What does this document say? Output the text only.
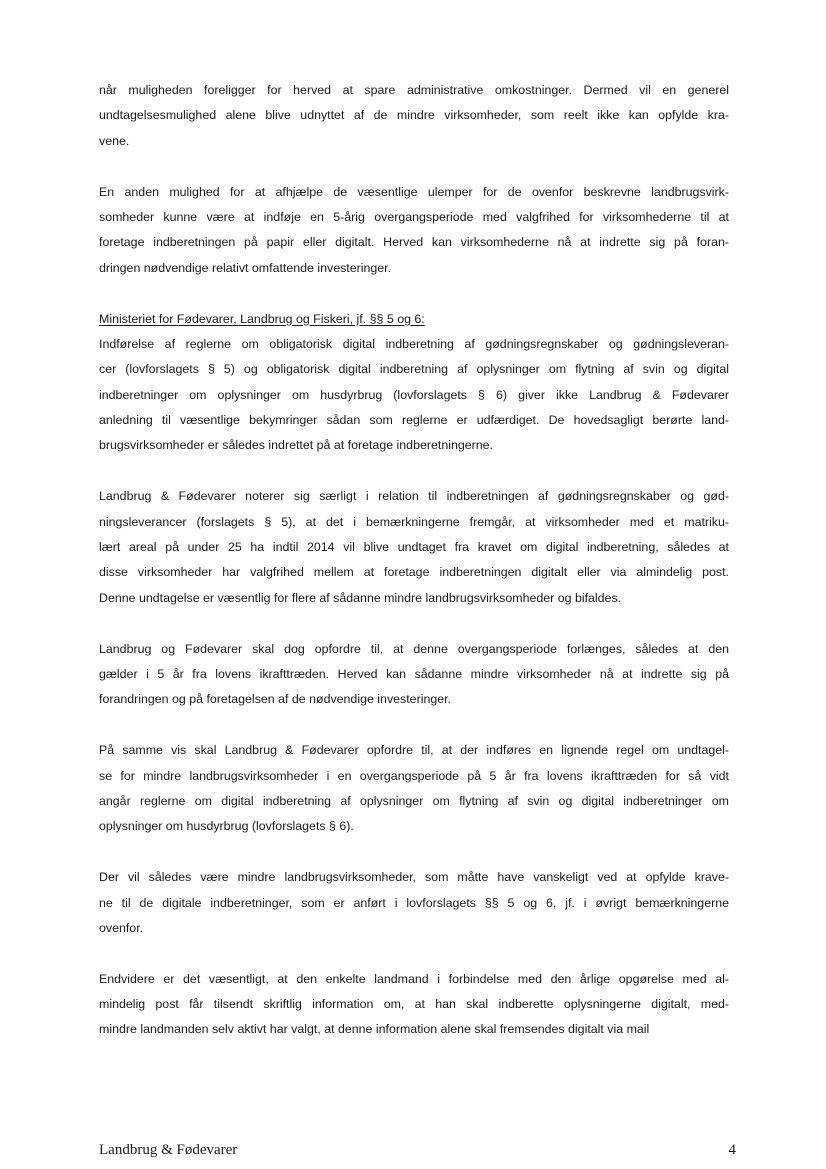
når muligheden foreligger for herved at spare administrative omkostninger. Dermed vil en generel
undtagelsesmulighed alene blive udnyttet af de mindre virksomheder, som reelt ikke kan opfylde kra-
vene.
En anden mulighed for at afhjælpe de væsentlige ulemper for de ovenfor beskrevne landbrugsvirk-
somheder kunne være at indføje en 5-årig overgangsperiode med valgfrihed for virksomhederne til at
foretage indberetningen på papir eller digitalt. Herved kan virksomhederne nå at indrette sig på foran-
dringen nødvendige relativt omfattende investeringer.
Ministeriet for Fødevarer, Landbrug og Fiskeri, jf. §§ 5 og 6:
Indførelse af reglerne om obligatorisk digital indberetning af gødningsregnskaber og gødningsleveran-
cer (lovforslagets § 5) og obligatorisk digital indberetning af oplysninger om flytning af svin og digital
indberetninger om oplysninger om husdyrbrug (lovforslagets § 6) giver ikke Landbrug & Fødevarer
anledning til væsentlige bekymringer sådan som reglerne er udfærdiget. De hovedsagligt berørte land-
brugsvirksomheder er således indrettet på at foretage indberetningerne.
Landbrug & Fødevarer noterer sig særligt i relation til indberetningen af gødningsregnskaber og gød-
ningsleverancer (forslagets § 5), at det i bemærkningerne fremgår, at virksomheder med et matriku-
lært areal på under 25 ha indtil 2014 vil blive undtaget fra kravet om digital indberetning, således at
disse virksomheder har valgfrihed mellem at foretage indberetningen digitalt eller via almindelig post.
Denne undtagelse er væsentlig for flere af sådanne mindre landbrugsvirksomheder og bifaldes.
Landbrug og Fødevarer skal dog opfordre til, at denne overgangsperiode forlænges, således at den
gælder i 5 år fra lovens ikrafttræden. Herved kan sådanne mindre virksomheder nå at indrette sig på
forandringen og på foretagelsen af de nødvendige investeringer.
På samme vis skal Landbrug & Fødevarer opfordre til, at der indføres en lignende regel om undtagel-
se for mindre landbrugsvirksomheder i en overgangsperiode på 5 år fra lovens ikrafttræden for så vidt
angår reglerne om digital indberetning af oplysninger om flytning af svin og digital indberetninger om
oplysninger om husdyrbrug (lovforslagets § 6).
Der vil således være mindre landbrugsvirksomheder, som måtte have vanskeligt ved at opfylde krave-
ne til de digitale indberetninger, som er anført i lovforslagets §§ 5 og 6, jf. i øvrigt bemærkningerne
ovenfor.
Endvidere er det væsentligt, at den enkelte landmand i forbindelse med den årlige opgørelse med al-
mindelig post får tilsendt skriftlig information om, at han skal indberette oplysningerne digitalt, med-
mindre landmanden selv aktivt har valgt, at denne information alene skal fremsendes digitalt via mail
Landbrug & Fødevarer	4
